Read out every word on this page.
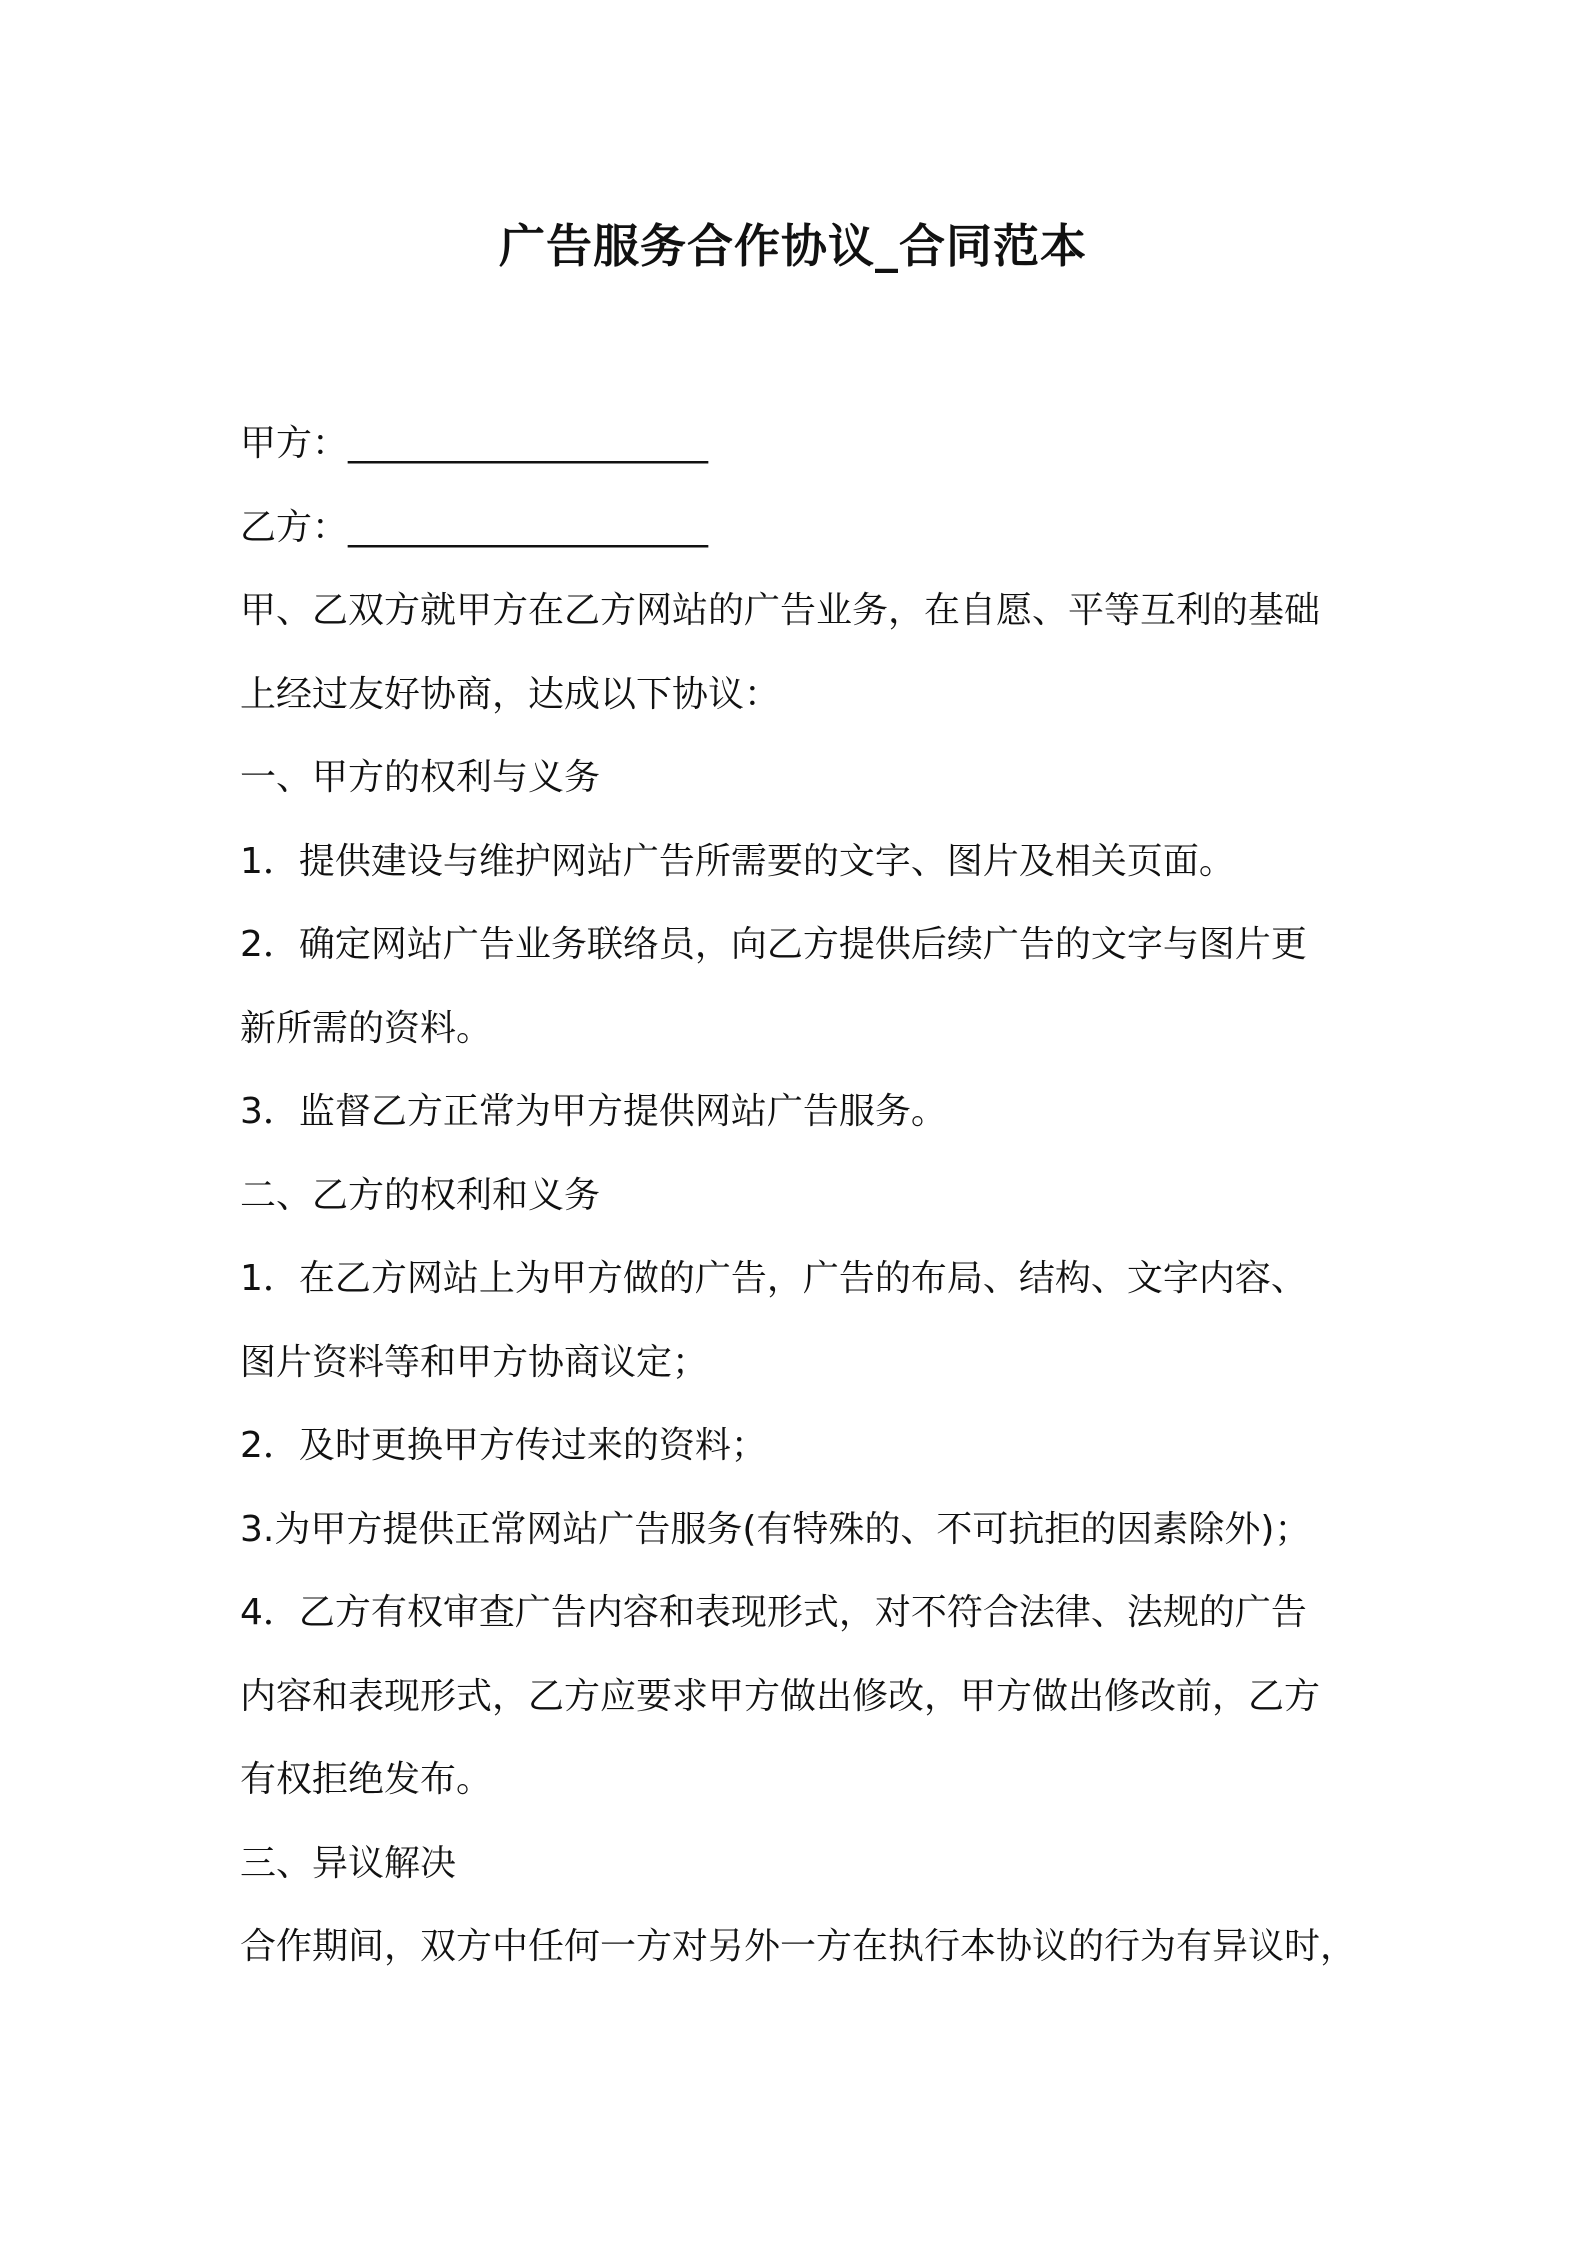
广告服务合作协议_合同范本
甲方：____________________
乙方：____________________
甲、乙双方就甲方在乙方网站的广告业务，在自愿、平等互利的基础
上经过友好协商，达成以下协议：
一、甲方的权利与义务
1．提供建设与维护网站广告所需要的文字、图片及相关页面。
2．确定网站广告业务联络员，向乙方提供后续广告的文字与图片更
新所需的资料。
3．监督乙方正常为甲方提供网站广告服务。
二、乙方的权利和义务
1．在乙方网站上为甲方做的广告，广告的布局、结构、文字内容、
图片资料等和甲方协商议定；
2．及时更换甲方传过来的资料；
3.为甲方提供正常网站广告服务(有特殊的、不可抗拒的因素除外)；
4．乙方有权审查广告内容和表现形式，对不符合法律、法规的广告
内容和表现形式，乙方应要求甲方做出修改，甲方做出修改前，乙方
有权拒绝发布。
三、异议解决
合作期间，双方中任何一方对另外一方在执行本协议的行为有异议时，
